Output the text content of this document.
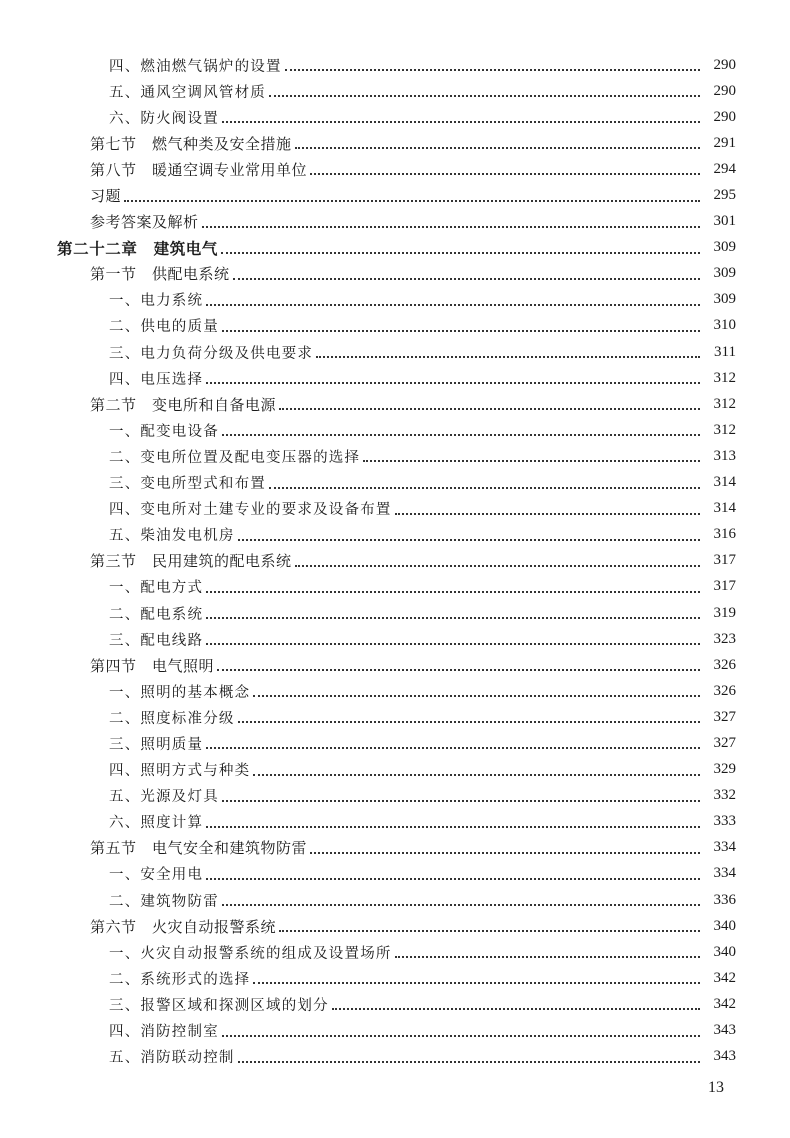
四、燃油燃气锅炉的设置	290
五、通风空调风管材质	290
六、防火阀设置	290
第七节　燃气种类及安全措施	291
第八节　暖通空调专业常用单位	294
习题	295
参考答案及解析	301
第二十二章　建筑电气	309
第一节　供配电系统	309
一、电力系统	309
二、供电的质量	310
三、电力负荷分级及供电要求	311
四、电压选择	312
第二节　变电所和自备电源	312
一、配变电设备	312
二、变电所位置及配电变压器的选择	313
三、变电所型式和布置	314
四、变电所对土建专业的要求及设备布置	314
五、柴油发电机房	316
第三节　民用建筑的配电系统	317
一、配电方式	317
二、配电系统	319
三、配电线路	323
第四节　电气照明	326
一、照明的基本概念	326
二、照度标准分级	327
三、照明质量	327
四、照明方式与种类	329
五、光源及灯具	332
六、照度计算	333
第五节　电气安全和建筑物防雷	334
一、安全用电	334
二、建筑物防雷	336
第六节　火灾自动报警系统	340
一、火灾自动报警系统的组成及设置场所	340
二、系统形式的选择	342
三、报警区域和探测区域的划分	342
四、消防控制室	343
五、消防联动控制	343
13
